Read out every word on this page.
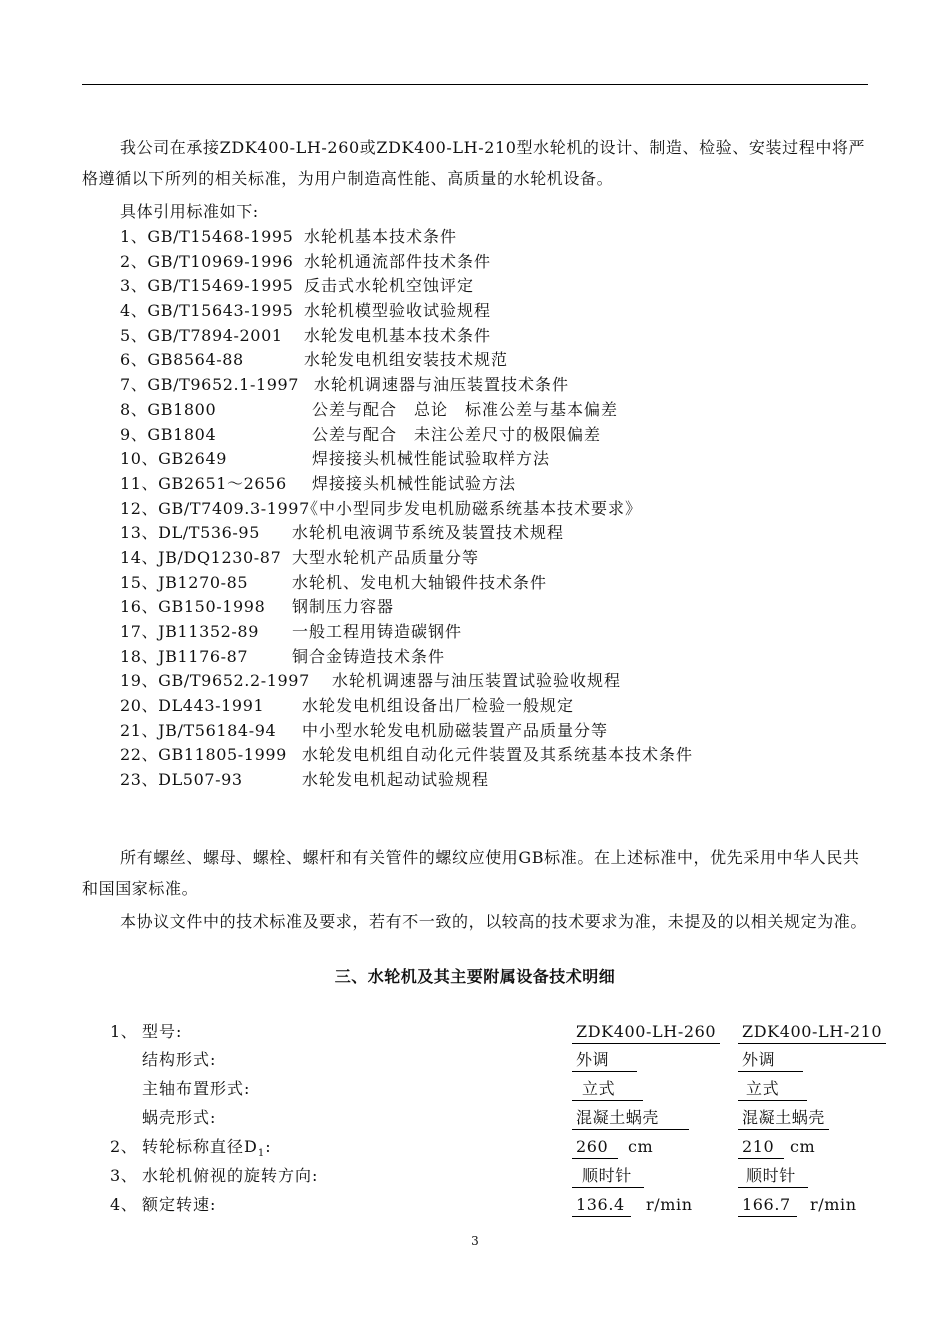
我公司在承接ZDK400-LH-260或ZDK400-LH-210型水轮机的设计、制造、检验、安装过程中将严格遵循以下所列的相关标准，为用户制造高性能、高质量的水轮机设备。

具体引用标准如下:
1、GB/T15468-1995 水轮机基本技术条件
2、GB/T10969-1996 水轮机通流部件技术条件
3、GB/T15469-1995 反击式水轮机空蚀评定
4、GB/T15643-1995 水轮机模型验收试验规程
5、GB/T7894-2001 水轮发电机基本技术条件
6、GB8564-88	水轮发电机组安装技术规范
7、GB/T9652.1-1997 水轮机调速器与油压装置技术条件
8、GB1800	公差与配合　总论　标准公差与基本偏差
9、GB1804	公差与配合　未注公差尺寸的极限偏差
10、GB2649	焊接接头机械性能试验取样方法
11、GB2651～2656 焊接接头机械性能试验方法
12、GB/T7409.3-1997
《中小型同步发电机励磁系统基本技术要求》
13、DL/T536-95 水轮机电液调节系统及装置技术规程
14、JB/DQ1230-87 大型水轮机产品质量分等
15、JB1270-85	水轮机、发电机大轴锻件技术条件
16、GB150-1998 钢制压力容器
17、JB11352-89 一般工程用铸造碳钢件
18、JB1176-87	铜合金铸造技术条件
19、GB/T9652.2-1997 水轮机调速器与油压装置试验验收规程
20、DL443-1991 水轮发电机组设备出厂检验一般规定
21、JB/T56184-94 中小型水轮发电机励磁装置产品质量分等
22、GB11805-1999 水轮发电机组自动化元件装置及其系统基本技术条件
23、DL507-93	水轮发电机起动试验规程

所有螺丝、螺母、螺栓、螺杆和有关管件的螺纹应使用GB标准。在上述标准中，优先采用中华人民共和国国家标准。

本协议文件中的技术标准及要求，若有不一致的，以较高的技术要求为准，未提及的以相关规定为准。

三、水轮机及其主要附属设备技术明细
1、 型号:	ZDK400-LH-260 ZDK400-LH-210
结构形式:	外调	外调
主轴布置形式:	立式	立式
蜗壳形式:	混凝土蜗壳	混凝土蜗壳
2、 转轮标称直径$D_1$:	260	cm	210 cm
3、 水轮机俯视的旋转方向:	顺时针	顺时针
4、 额定转速:	136.4	r/min	166.7	r/min
3
